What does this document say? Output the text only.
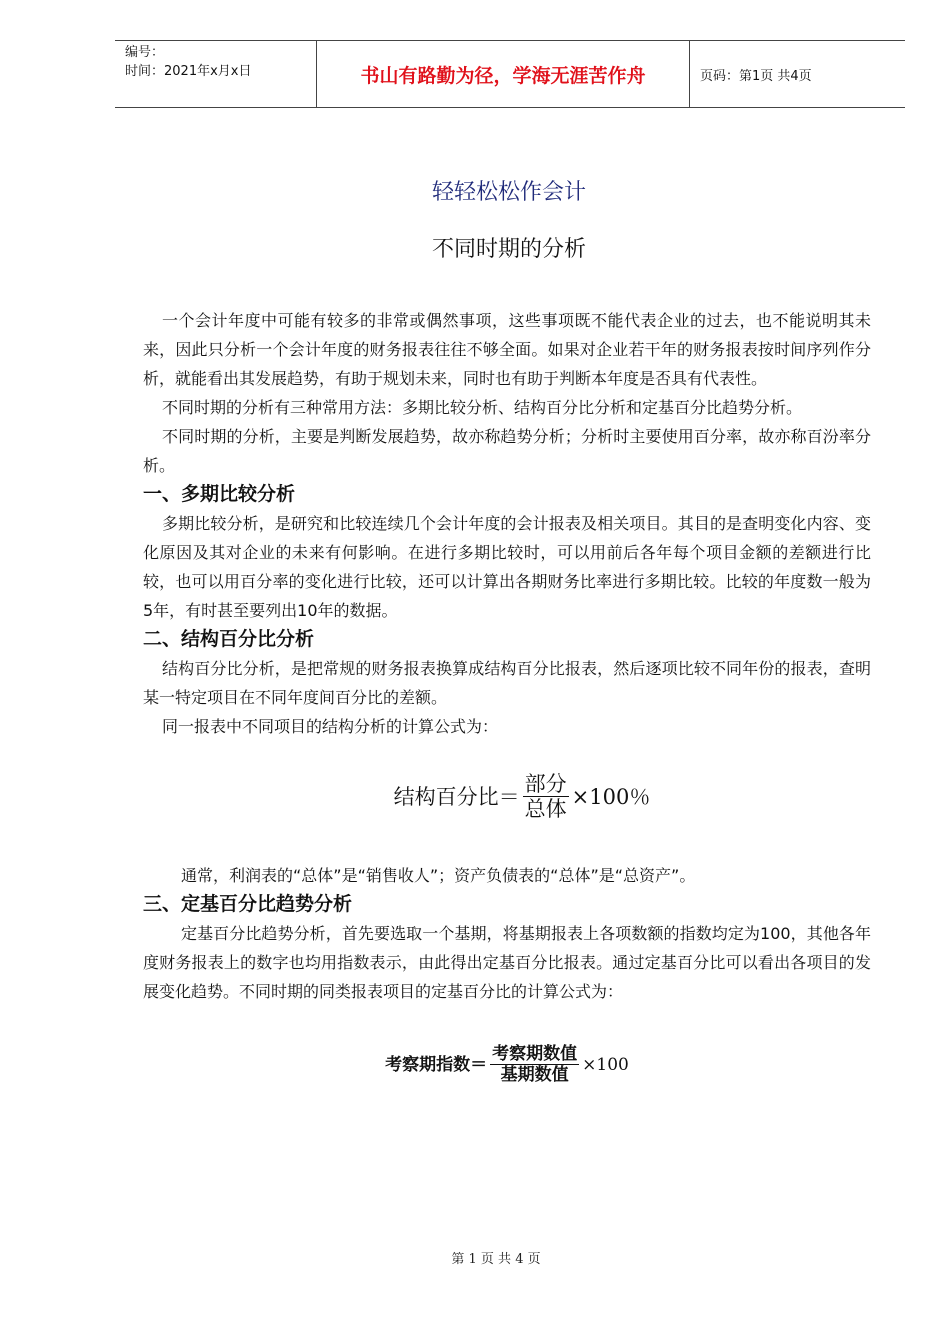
编号：
时间：2021年x月x日	书山有路勤为径，学海无涯苦作舟	页码：第1页 共4页
轻轻松松作会计
不同时期的分析

一个会计年度中可能有较多的非常或偶然事项，这些事项既不能代表企业的过去，也不能说明其未来，因此只分析一个会计年度的财务报表往往不够全面。如果对企业若干年的财务报表按时间序列作分析，就能看出其发展趋势，有助于规划未来，同时也有助于判断本年度是否具有代表性。

不同时期的分析有三种常用方法：多期比较分析、结构百分比分析和定基百分比趋势分析。

不同时期的分析，主要是判断发展趋势，故亦称趋势分析；分析时主要使用百分率，故亦称百汾率分析。

一、多期比较分析

多期比较分析，是研究和比较连续几个会计年度的会计报表及相关项目。其目的是查明变化内容、变化原因及其对企业的未来有何影响。在进行多期比较时，可以用前后各年每个项目金额的差额进行比较，也可以用百分率的变化进行比较，还可以计算出各期财务比率进行多期比较。比较的年度数一般为5年，有时甚至要列出10年的数据。

二、结构百分比分析

结构百分比分析，是把常规的财务报表换算成结构百分比报表，然后逐项比较不同年份的报表，查明某一特定项目在不同年度间百分比的差额。

同一报表中不同项目的结构分析的计算公式为：

结构百分比＝ $\frac{\text{部分}}{\text{总体}} \times 100$％

通常，利润表的“总体”是“销售收人”；资产负债表的“总体”是“总资产”。

三、定基百分比趋势分析

定基百分比趋势分析，首先要选取一个基期，将基期报表上各项数额的指数均定为100，其他各年度财务报表上的数字也均用指数表示，由此得出定基百分比报表。通过定基百分比可以看出各项目的发展变化趋势。不同时期的同类报表项目的定基百分比的计算公式为：

考察期指数＝ $\frac{\text{考察期数值}}{\text{基期数值}} \times 100$
第 1 页 共 4 页
